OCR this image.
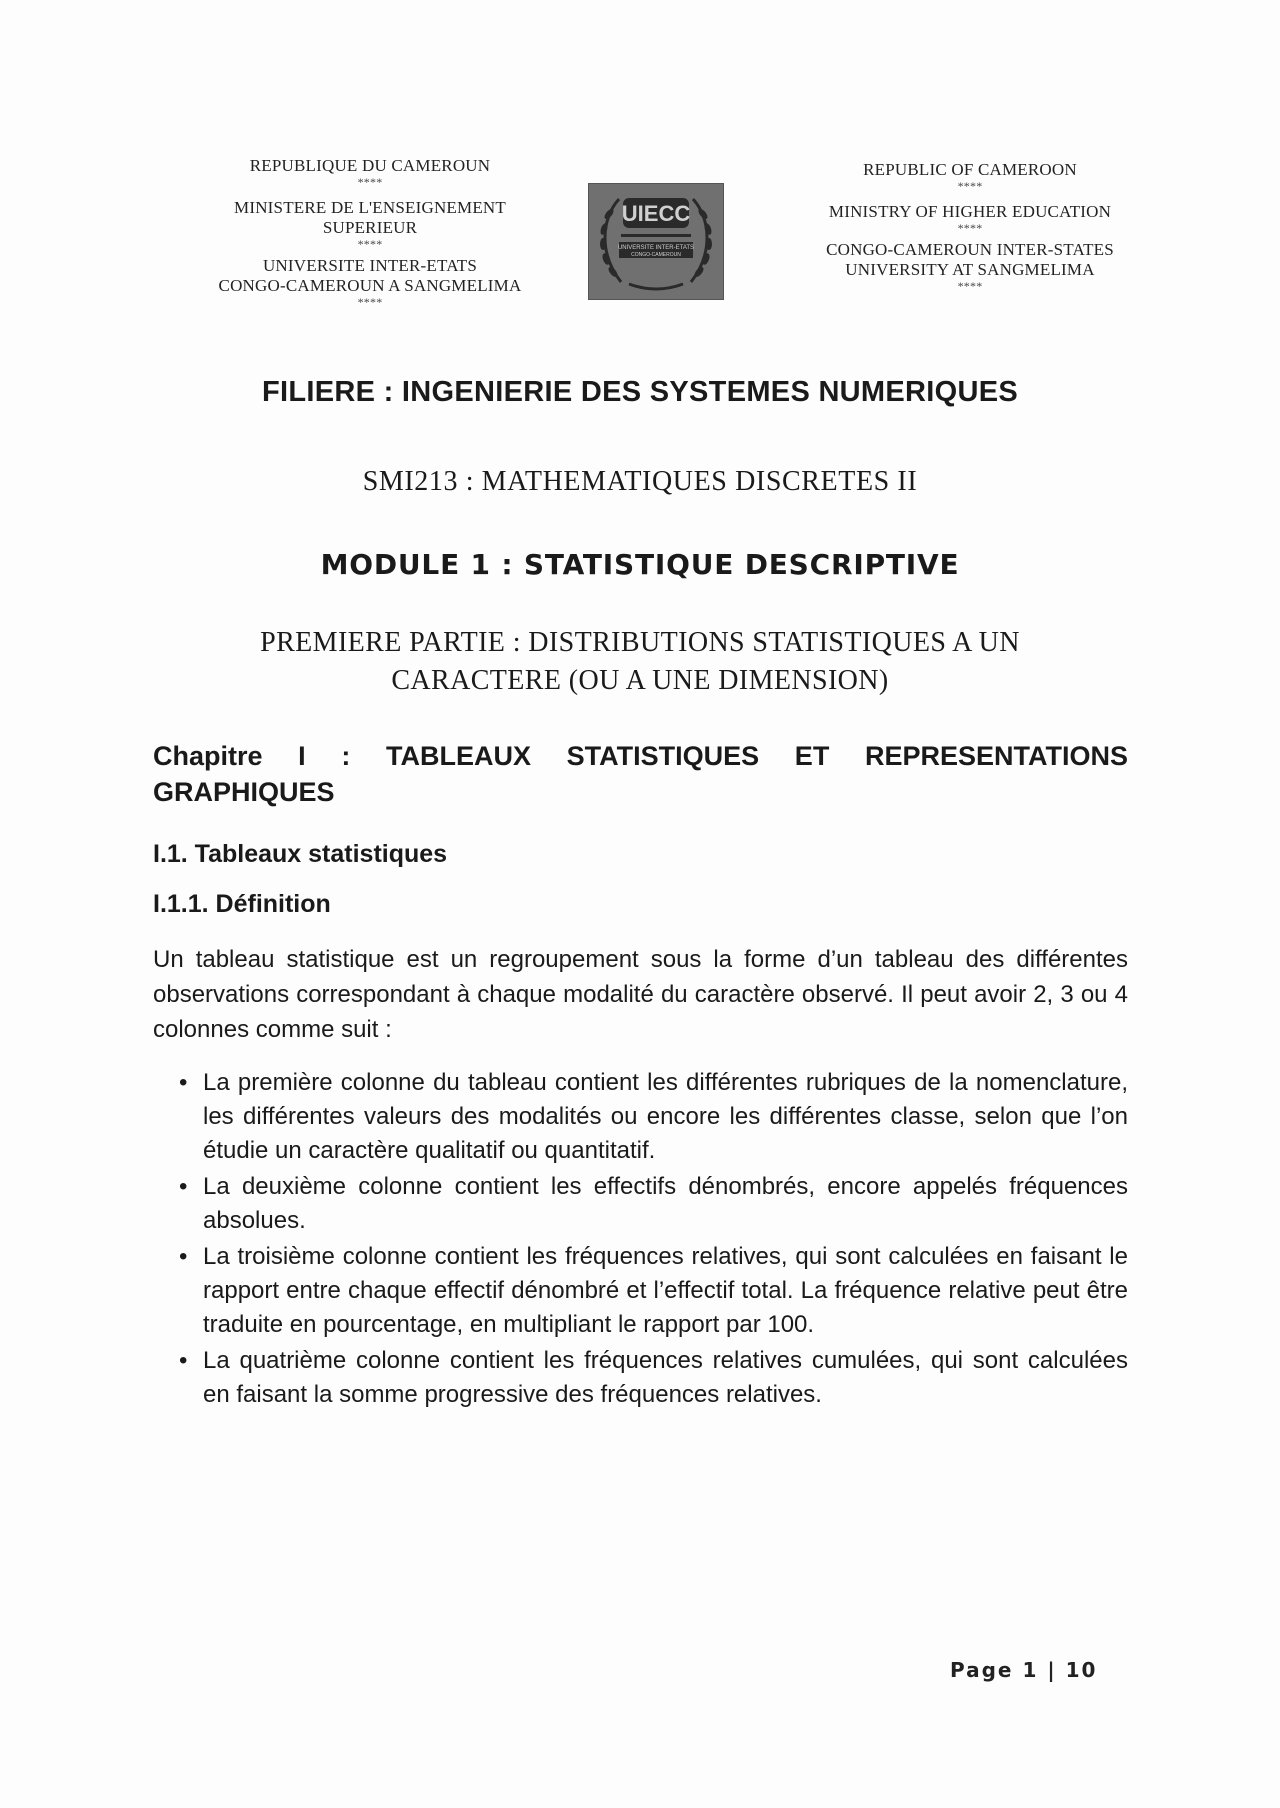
REPUBLIQUE DU CAMEROUN
****
MINISTERE DE L'ENSEIGNEMENT
SUPERIEUR
****
UNIVERSITE INTER-ETATS
CONGO-CAMEROUN A SANGMELIMA
****
UIECC
UNIVERSITE INTER-ETATS
CONGO-CAMEROUN
REPUBLIC OF CAMEROON
****
MINISTRY OF HIGHER EDUCATION
****
CONGO-CAMEROUN INTER-STATES
UNIVERSITY AT SANGMELIMA
****
FILIERE : INGENIERIE DES SYSTEMES NUMERIQUES
SMI213 : MATHEMATIQUES DISCRETES II
MODULE 1 : STATISTIQUE DESCRIPTIVE
PREMIERE PARTIE : DISTRIBUTIONS STATISTIQUES A UN
CARACTERE (OU A UNE DIMENSION)
Chapitre I : TABLEAUX STATISTIQUES ET REPRESENTATIONS GRAPHIQUES
I.1. Tableaux statistiques
I.1.1. Définition
Un tableau statistique est un regroupement sous la forme d’un tableau des différentes observations correspondant à chaque modalité du caractère observé. Il peut avoir 2, 3 ou 4 colonnes comme suit :
• La première colonne du tableau contient les différentes rubriques de la nomenclature, les différentes valeurs des modalités ou encore les différentes classe, selon que l’on étudie un caractère qualitatif ou quantitatif.
• La deuxième colonne contient les effectifs dénombrés, encore appelés fréquences absolues.
• La troisième colonne contient les fréquences relatives, qui sont calculées en faisant le rapport entre chaque effectif dénombré et l’effectif total. La fréquence relative peut être traduite en pourcentage, en multipliant le rapport par 100.
• La quatrième colonne contient les fréquences relatives cumulées, qui sont calculées en faisant la somme progressive des fréquences relatives.
Page 1 | 10
